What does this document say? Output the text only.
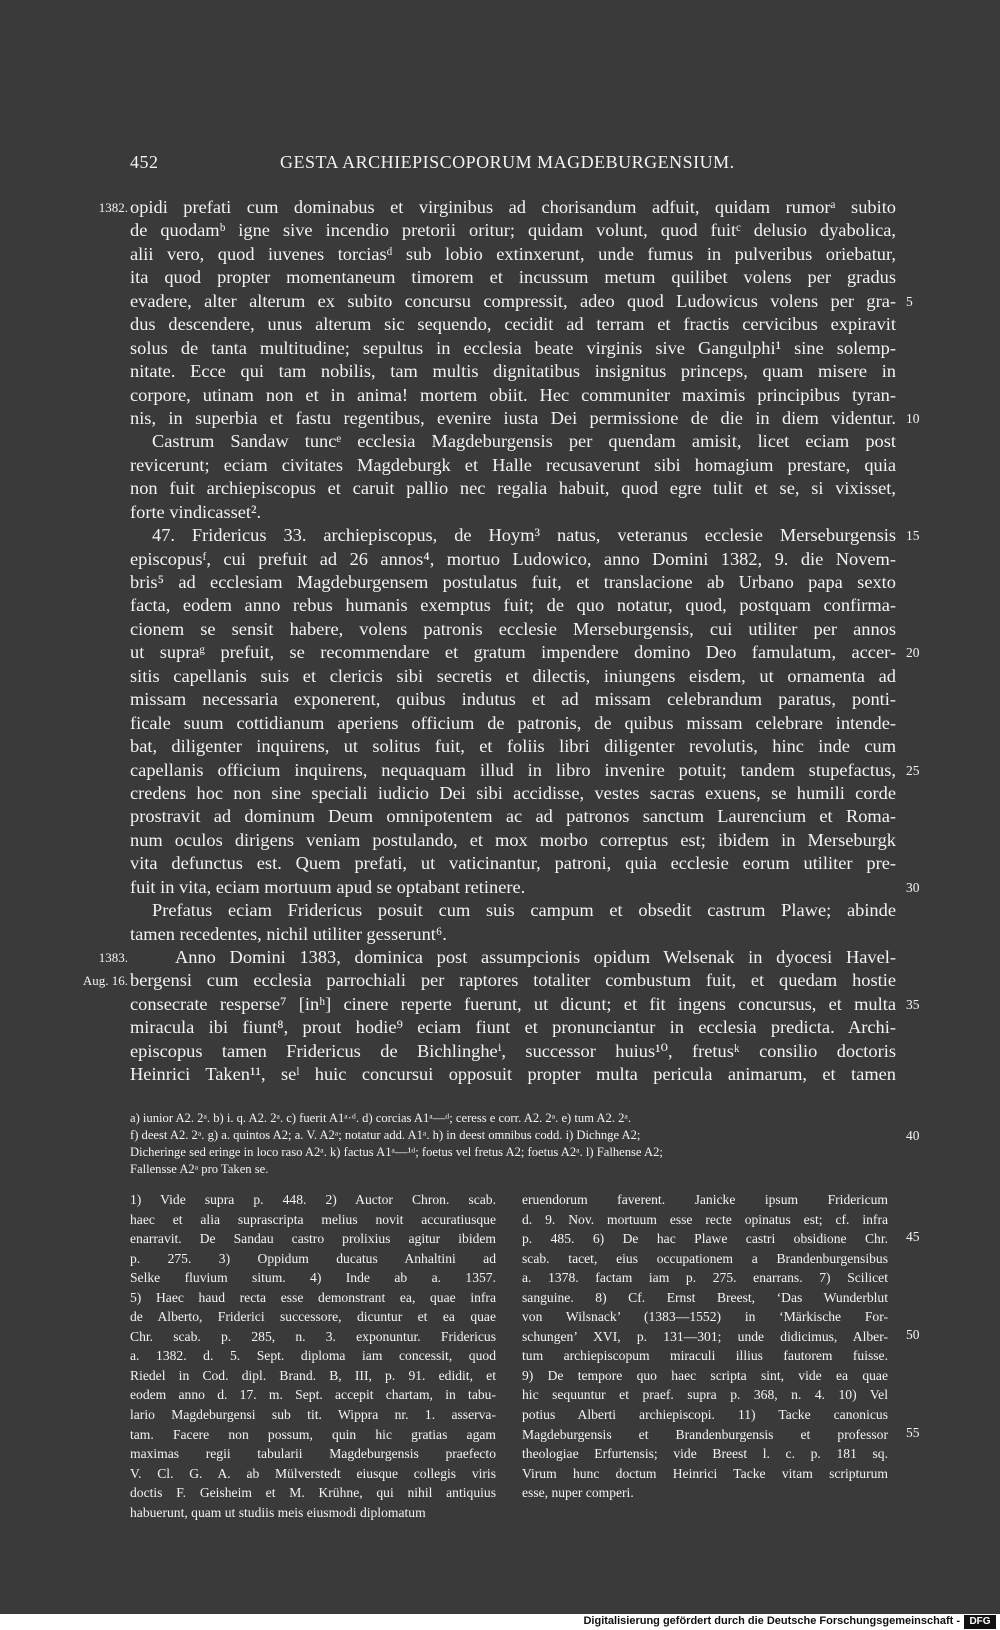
452	GESTA ARCHIEPISCOPORUM MAGDEBURGENSIUM.
opidi prefati cum dominabus et virginibus ad chorisandum adfuit, quidam rumorᵃ subito
1382.
de quodamᵇ igne sive incendio pretorii oritur; quidam volunt, quod fuitᶜ delusio dyabolica,
alii vero, quod iuvenes torciasᵈ sub lobio extinxerunt, unde fumus in pulveribus oriebatur,
ita quod propter momentaneum timorem et incussum metum quilibet volens per gradus
evadere, alter alterum ex subito concursu compressit, adeo quod Ludowicus volens per gra- 5
dus descendere, unus alterum sic sequendo, cecidit ad terram et fractis cervicibus expiravit
solus de tanta multitudine; sepultus in ecclesia beate virginis sive Gangulphi¹ sine solemp-
nitate. Ecce qui tam nobilis, tam multis dignitatibus insignitus princeps, quam misere in
corpore, utinam non et in anima! mortem obiit. Hec communiter maximis principibus tyran-
nis, in superbia et fastu regentibus, evenire iusta Dei permissione de die in diem videntur. 10
Castrum Sandaw tuncᵉ ecclesia Magdeburgensis per quendam amisit, licet eciam post
revicerunt; eciam civitates Magdeburgk et Halle recusaverunt sibi homagium prestare, quia
non fuit archiepiscopus et caruit pallio nec regalia habuit, quod egre tulit et se, si vixisset,
forte vindicasset².
47. Fridericus 33. archiepiscopus, de Hoym³ natus, veteranus ecclesie Merseburgensis 15
episcopusᶠ, cui prefuit ad 26 annos⁴, mortuo Ludowico, anno Domini 1382, 9. die Novem-
bris⁵ ad ecclesiam Magdeburgensem postulatus fuit, et translacione ab Urbano papa sexto
facta, eodem anno rebus humanis exemptus fuit; de quo notatur, quod, postquam confirma-
cionem se sensit habere, volens patronis ecclesie Merseburgensis, cui utiliter per annos
ut supraᵍ prefuit, se recommendare et gratum impendere domino Deo famulatum, accer- 20
sitis capellanis suis et clericis sibi secretis et dilectis, iniungens eisdem, ut ornamenta ad
missam necessaria exponerent, quibus indutus et ad missam celebrandum paratus, ponti-
ficale suum cottidianum aperiens officium de patronis, de quibus missam celebrare intende-
bat, diligenter inquirens, ut solitus fuit, et foliis libri diligenter revolutis, hinc inde cum
capellanis officium inquirens, nequaquam illud in libro invenire potuit; tandem stupefactus, 25
credens hoc non sine speciali iudicio Dei sibi accidisse, vestes sacras exuens, se humili corde
prostravit ad dominum Deum omnipotentem ac ad patronos sanctum Laurencium et Roma-
num oculos dirigens veniam postulando, et mox morbo correptus est; ibidem in Merseburgk
vita defunctus est. Quem prefati, ut vaticinantur, patroni, quia ecclesie eorum utiliter pre-
fuit in vita, eciam mortuum apud se optabant retinere.	30
Prefatus eciam Fridericus posuit cum suis campum et obsedit castrum Plawe; abinde
tamen recedentes, nichil utiliter gesserunt⁶.
Anno Domini 1383, dominica post assumpcionis opidum Welsenak in dyocesi Havel-
1383.
bergensi cum ecclesia parrochiali per raptores totaliter combustum fuit, et quedam hostie
Aug. 16.
consecrate resperse⁷ [inʰ] cinere reperte fuerunt, ut dicunt; et fit ingens concursus, et multa 35
miracula ibi fiunt⁸, prout hodie⁹ eciam fiunt et pronunciantur in ecclesia predicta. Archi-
episcopus tamen Fridericus de Bichlingheⁱ, successor huius¹⁰, fretusᵏ consilio doctoris
Heinrici Taken¹¹, seˡ huic concursui opposuit propter multa pericula animarum, et tamen
a) iunior A2. 2ᵃ. b) i. q. A2. 2ᵃ. c) fuerit A1ᵃ·ᵈ. d) corcias A1ᵃ—ᵈ; ceress e corr. A2. 2ᵃ. e) tum A2. 2ᵃ.
f) deest A2. 2ᵃ. g) a. quintos A2; a. V. A2ᵃ; notatur add. A1ᵃ. h) in deest omnibus codd. i) Dichnge A2;	40
Dicheringe sed eringe in loco raso A2ᵃ. k) factus A1ᵃ—¹ᵈ; foetus vel fretus A2; foetus A2ᵃ. l) Falhense A2;
Fallensse A2ᵃ pro Taken se.
1) Vide supra p. 448. 2) Auctor Chron. scab.
haec et alia suprascripta melius novit accuratiusque
enarravit. De Sandau castro prolixius agitur ibidem
p. 275. 3) Oppidum ducatus Anhaltini ad
Selke fluvium situm. 4) Inde ab a. 1357.
5) Haec haud recta esse demonstrant ea, quae infra
de Alberto, Friderici successore, dicuntur et ea quae
Chr. scab. p. 285, n. 3. exponuntur. Fridericus
a. 1382. d. 5. Sept. diploma iam concessit, quod
Riedel in Cod. dipl. Brand. B, III, p. 91. edidit, et
eodem anno d. 17. m. Sept. accepit chartam, in tabu-
lario Magdeburgensi sub tit. Wippra nr. 1. asserva-
tam. Facere non possum, quin hic gratias agam
maximas regii tabularii Magdeburgensis praefecto
V. Cl. G. A. ab Mülverstedt eiusque collegis viris
doctis F. Geisheim et M. Krühne, qui nihil antiquius
habuerunt, quam ut studiis meis eiusmodi diplomatum
eruendorum faverent. Janicke ipsum Fridericum
d. 9. Nov. mortuum esse recte opinatus est; cf. infra
p. 485. 6) De hac Plawe castri obsidione Chr.
scab. tacet, eius occupationem a Brandenburgensibus
a. 1378. factam iam p. 275. enarrans. 7) Scilicet
sanguine. 8) Cf. Ernst Breest, ‘Das Wunderblut
von Wilsnack’ (1383—1552) in ‘Märkische For-
schungen’ XVI, p. 131—301; unde didicimus, Alber-
tum archiepiscopum miraculi illius fautorem fuisse.
9) De tempore quo haec scripta sint, vide ea quae
hic sequuntur et praef. supra p. 368, n. 4. 10) Vel
potius Alberti archiepiscopi. 11) Tacke canonicus
Magdeburgensis et Brandenburgensis et professor
theologiae Erfurtensis; vide Breest l. c. p. 181 sq.
Virum hunc doctum Heinrici Tacke vitam scripturum
esse, nuper comperi.
45
50
55
Digitalisierung gefördert durch die Deutsche Forschungsgemeinschaft - DFG
